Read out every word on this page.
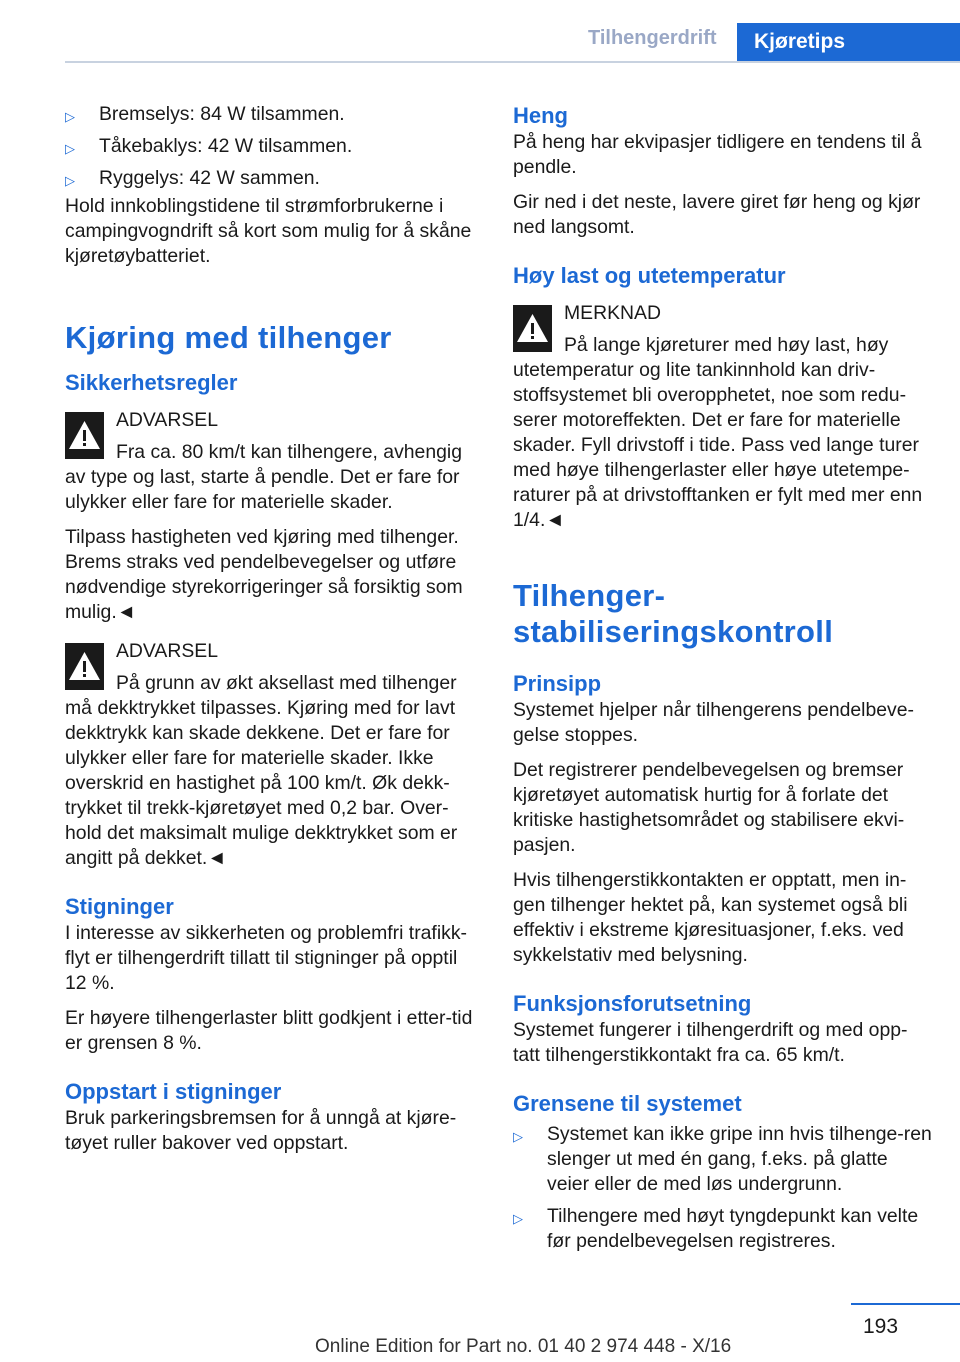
Tilhengerdrift	Kjøretips
▷ Bremselys: 84 W tilsammen.
▷ Tåkebaklys: 42 W tilsammen.
▷ Ryggelys: 42 W sammen.

Hold innkoblingstidene til strømforbrukerne i campingvogndrift så kort som mulig for å skåne kjøretøybatteriet.

Kjøring med tilhenger
Sikkerhetsregler
ADVARSEL

Fra ca. 80 km/t kan tilhengere, avhengig av type og last, starte å pendle. Det er fare for ulykker eller fare for materielle skader.

Tilpass hastigheten ved kjøring med tilhenger. Brems straks ved pendelbevegelser og utføre nødvendige styrekorrigeringer så forsiktig som mulig.◄

ADVARSEL

På grunn av økt aksellast med tilhenger må dekktrykket tilpasses. Kjøring med for lavt dekktrykk kan skade dekkene. Det er fare for ulykker eller fare for materielle skader. Ikke overskrid en hastighet på 100 km/t. Øk dekk-trykket til trekk-kjøretøyet med 0,2 bar. Over-hold det maksimalt mulige dekktrykket som er angitt på dekket.◄

Stigninger

I interesse av sikkerheten og problemfri trafikk-flyt er tilhengerdrift tillatt til stigninger på opptil 12 %.

Er høyere tilhengerlaster blitt godkjent i etter-tid er grensen 8 %.

Oppstart i stigninger

Bruk parkeringsbremsen for å unngå at kjøre-tøyet ruller bakover ved oppstart.

Heng

På heng har ekvipasjer tidligere en tendens til å pendle.

Gir ned i det neste, lavere giret før heng og kjør ned langsomt.

Høy last og utetemperatur
MERKNAD

På lange kjøreturer med høy last, høy utetemperatur og lite tankinnhold kan driv-stoffsystemet bli overopphetet, noe som redu-serer motoreffekten. Det er fare for materielle skader. Fyll drivstoff i tide. Pass ved lange turer med høye tilhengerlaster eller høye utetempe-raturer på at drivstofftanken er fylt med mer enn 1/4.◄

Tilhenger-
stabiliseringskontroll
Prinsipp

Systemet hjelper når tilhengerens pendelbeve-gelse stoppes.

Det registrerer pendelbevegelsen og bremser kjøretøyet automatisk hurtig for å forlate det kritiske hastighetsområdet og stabilisere ekvi-pasjen.

Hvis tilhengerstikkontakten er opptatt, men in-gen tilhenger hektet på, kan systemet også bli effektiv i ekstreme kjøresituasjoner, f.eks. ved sykkelstativ med belysning.

Funksjonsforutsetning

Systemet fungerer i tilhengerdrift og med opp-tatt tilhengerstikkontakt fra ca. 65 km/t.

Grensene til systemet
▷ Systemet kan ikke gripe inn hvis tilhenge-ren slenger ut med én gang, f.eks. på glatte veier eller de med løs undergrunn.
▷ Tilhengere med høyt tyngdepunkt kan velte før pendelbevegelsen registreres.
193
Online Edition for Part no. 01 40 2 974 448 - X/16
